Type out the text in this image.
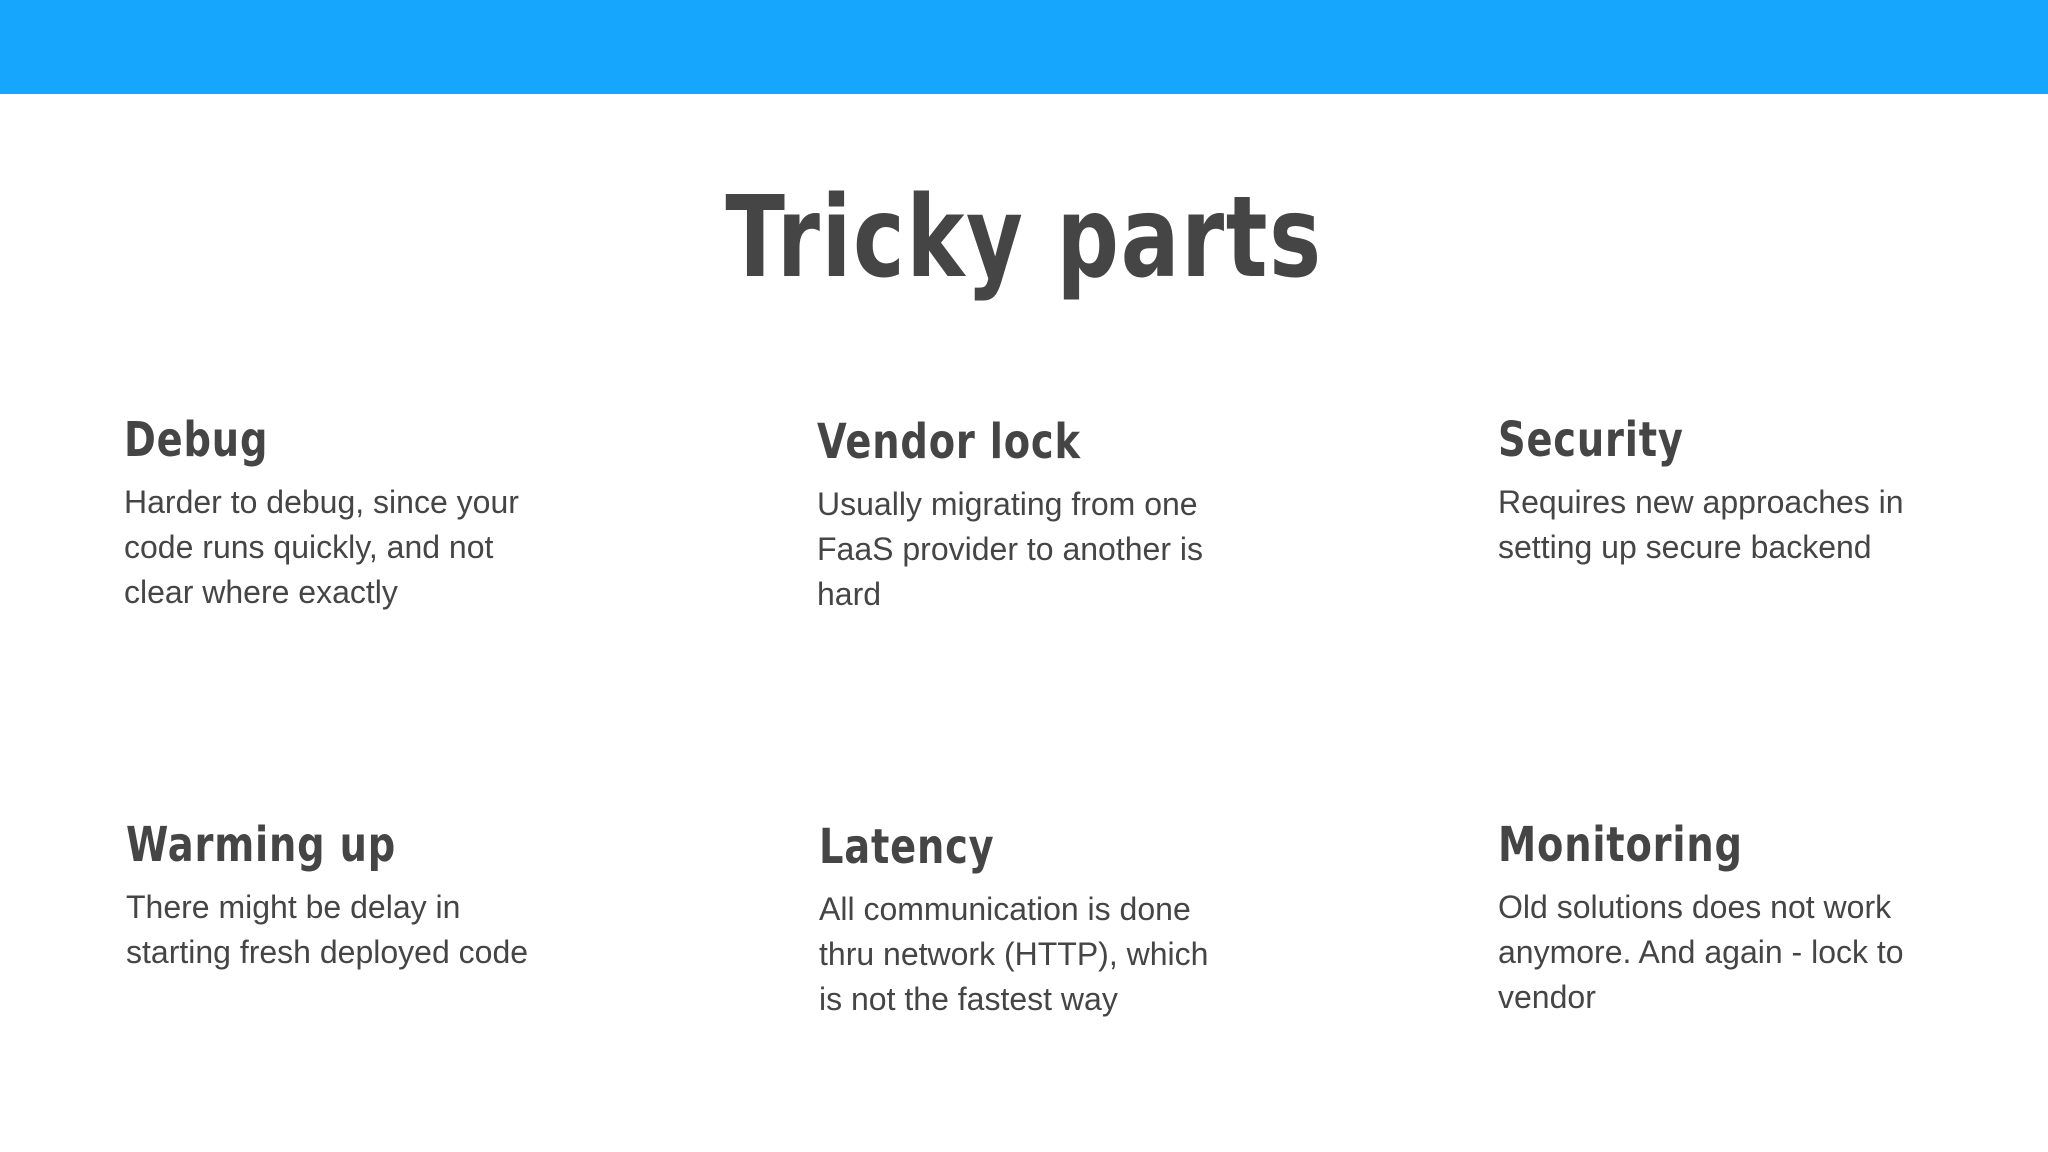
Tricky parts
Debug

Harder to debug, since your
code runs quickly, and not
clear where exactly

Vendor lock

Usually migrating from one
FaaS provider to another is
hard

Security

Requires new approaches in
setting up secure backend

Warming up

There might be delay in
starting fresh deployed code

Latency

All communication is done
thru network (HTTP), which
is not the fastest way

Monitoring

Old solutions does not work
anymore. And again - lock to
vendor
